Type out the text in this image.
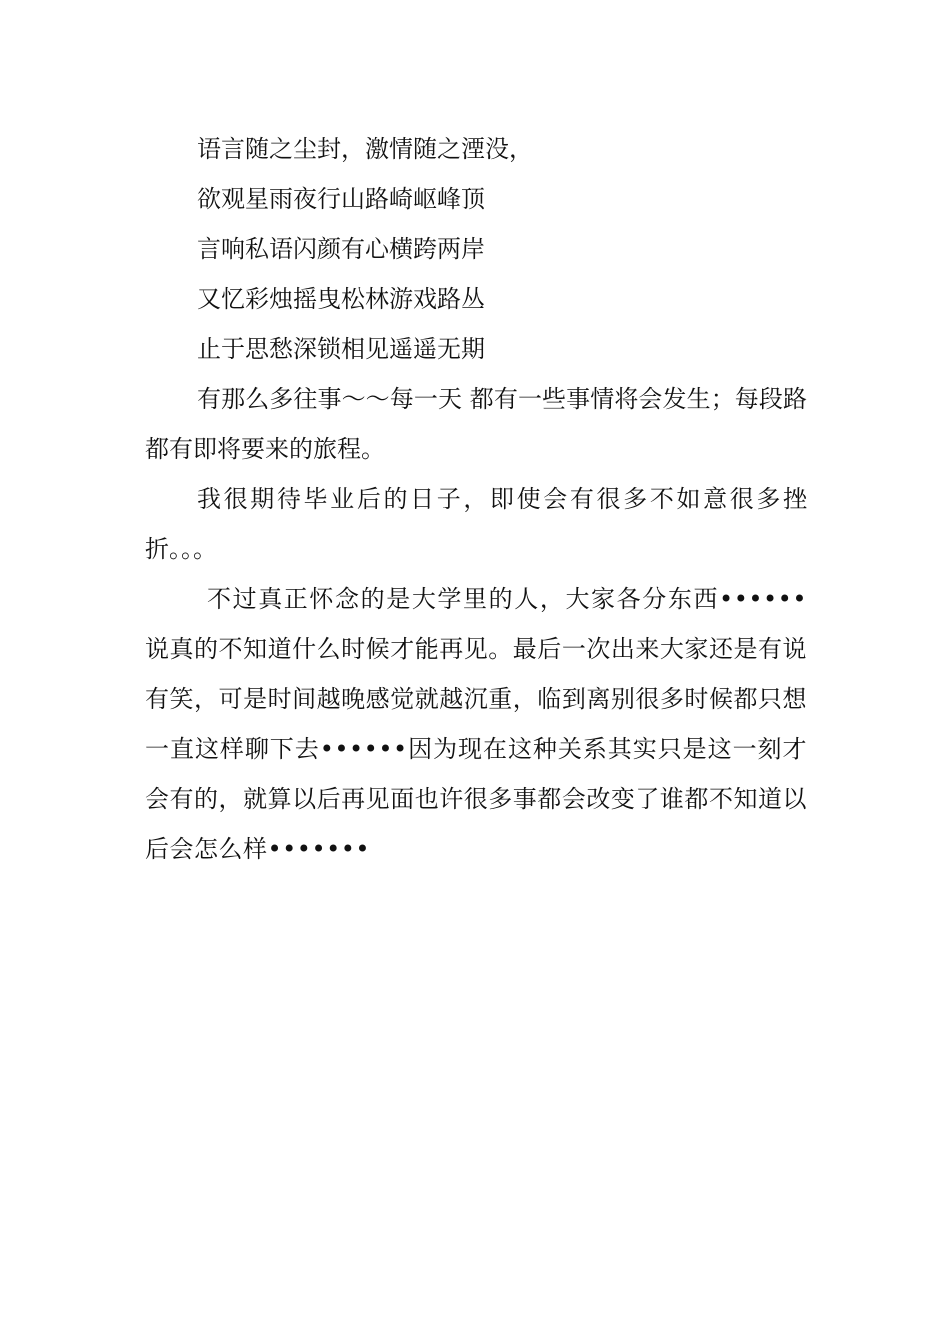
语言随之尘封，激情随之湮没，

欲观星雨夜行山路崎岖峰顶

言响私语闪颜有心横跨两岸

又忆彩烛摇曳松林游戏路丛

止于思愁深锁相见遥遥无期

有那么多往事～～每一天 都有一些事情将会发生；每段路 都有即将要来的旅程。

我很期待毕业后的日子，即使会有很多不如意很多挫折。。。

不过真正怀念的是大学里的人，大家各分东西••••••说真的不知道什么时候才能再见。最后一次出来大家还是有说有笑，可是时间越晚感觉就越沉重，临到离别很多时候都只想一直这样聊下去••••••因为现在这种关系其实只是这一刻才会有的，就算以后再见面也许很多事都会改变了谁都不知道以后会怎么样•••••••
